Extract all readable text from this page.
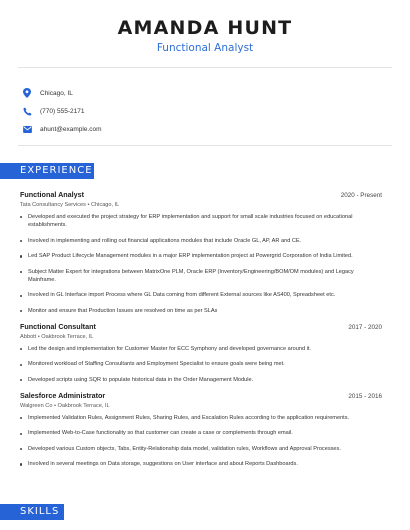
AMANDA HUNT
Functional Analyst
Chicago, IL
(770) 555-2171
ahunt@example.com
EXPERIENCE
Functional Analyst	2020 - Present
Tata Consultancy Services • Chicago, IL
Developed and executed the project strategy for ERP implementation and support for small scale industries focused on educational establishments.
Involved in implementing and rolling out financial applications modules that include Oracle GL, AP, AR and CE.
Led SAP Product Lifecycle Management modules in a major ERP implementation project at Powergrid Corporation of India Limited.
Subject Matter Expert for integrations between MatrixOne PLM, Oracle ERP (Inventory/Engineering/BOM/OM modules) and Legacy Mainframe.
Involved in GL Interface import Process where GL Data coming from different External sources like AS400, Spreadsheet etc.
Monitor and ensure that Production Issues are resolved on time as per SLAs
Functional Consultant	2017 - 2020
Abbott • Oakbrook Terrace, IL
Led the design and implementation for Customer Master for ECC Symphony and developed governance around it.
Monitored workload of Staffing Consultants and Employment Specialist to ensure goals were being met.
Developed scripts using SQR to populate historical data in the Order Management Module.
Salesforce Administrator	2015 - 2016
Walgreen Co • Oakbrook Terrace, IL
Implemented Validation Rules, Assignment Rules, Sharing Rules, and Escalation Rules according to the application requirements.
Implemented Web-to-Case functionality so that customer can create a case or complements through email.
Developed various Custom objects, Tabs, Entity-Relationship data model, validation rules, Workflows and Approval Processes.
Involved in several meetings on Data storage, suggestions on User interface and about Reports Dashboards.
SKILLS
